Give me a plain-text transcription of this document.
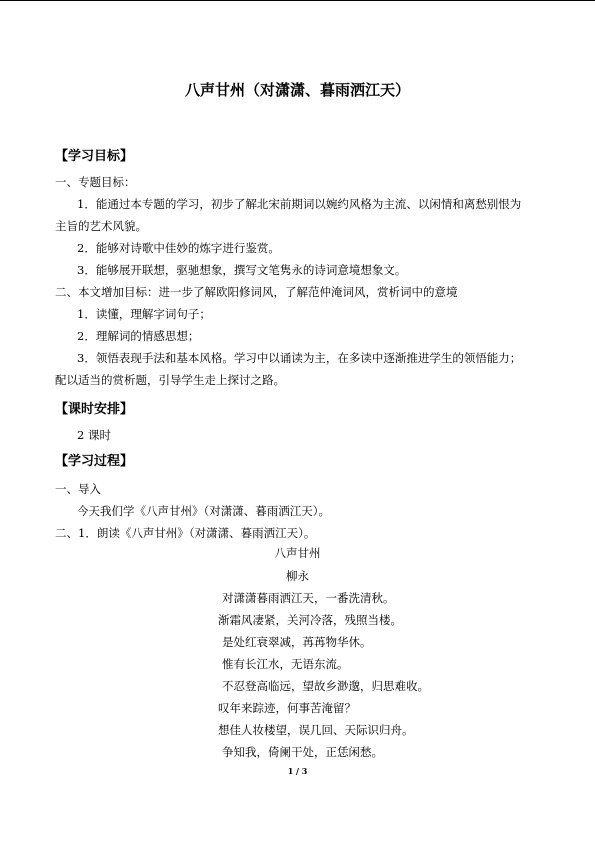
八声甘州（对潇潇、暮雨洒江天）
【学习目标】
一、专题目标：
1．能通过本专题的学习，初步了解北宋前期词以婉约风格为主流、以闲情和离愁别恨为
主旨的艺术风貌。
2．能够对诗歌中佳妙的炼字进行鉴赏。
3．能够展开联想，驱驰想象，撰写文笔隽永的诗词意境想象文。
二、本文增加目标：进一步了解欧阳修词风，了解范仲淹词风，赏析词中的意境
1．读懂，理解字词句子；
2．理解词的情感思想；
3．领悟表现手法和基本风格。学习中以诵读为主，在多读中逐渐推进学生的领悟能力；
配以适当的赏析题，引导学生走上探讨之路。
【课时安排】
2 课时
【学习过程】
一、导入
今天我们学《八声甘州》（对潇潇、暮雨洒江天）。
二、1．朗读《八声甘州》（对潇潇、暮雨洒江天）。
八声甘州
柳永
对潇潇暮雨洒江天，一番洗清秋。
渐霜风凄紧，关河冷落，残照当楼。
是处红衰翠减，苒苒物华休。
惟有长江水，无语东流。
不忍登高临远，望故乡渺邈，归思难收。
叹年来踪迹，何事苦淹留？
想佳人妆楼望，误几回、天际识归舟。
争知我，倚阑干处，正恁闲愁。
1 / 3
